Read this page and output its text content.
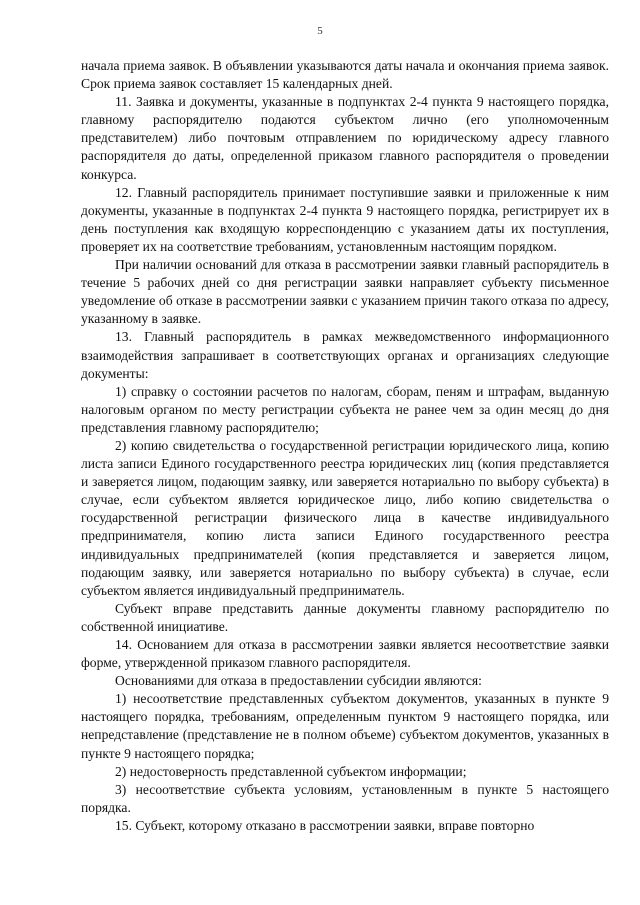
5

начала приема заявок. В объявлении указываются даты начала и окончания приема заявок. Срок приема заявок составляет 15 календарных дней.

11. Заявка и документы, указанные в подпунктах 2-4 пункта 9 настоящего порядка, главному распорядителю подаются субъектом лично (его уполномоченным представителем) либо почтовым отправлением по юридическому адресу главного распорядителя до даты, определенной приказом главного распорядителя о проведении конкурса.

12. Главный распорядитель принимает поступившие заявки и приложенные к ним документы, указанные в подпунктах 2-4 пункта 9 настоящего порядка, регистрирует их в день поступления как входящую корреспонденцию с указанием даты их поступления, проверяет их на соответствие требованиям, установленным настоящим порядком.

При наличии оснований для отказа в рассмотрении заявки главный распорядитель в течение 5 рабочих дней со дня регистрации заявки направляет субъекту письменное уведомление об отказе в рассмотрении заявки с указанием причин такого отказа по адресу, указанному в заявке.

13. Главный распорядитель в рамках межведомственного информационного взаимодействия запрашивает в соответствующих органах и организациях следующие документы:

1) справку о состоянии расчетов по налогам, сборам, пеням и штрафам, выданную налоговым органом по месту регистрации субъекта не ранее чем за один месяц до дня представления главному распорядителю;

2) копию свидетельства о государственной регистрации юридического лица, копию листа записи Единого государственного реестра юридических лиц (копия представляется и заверяется лицом, подающим заявку, или заверяется нотариально по выбору субъекта) в случае, если субъектом является юридическое лицо, либо копию свидетельства о государственной регистрации физического лица в качестве индивидуального предпринимателя, копию листа записи Единого государственного реестра индивидуальных предпринимателей (копия представляется и заверяется лицом, подающим заявку, или заверяется нотариально по выбору субъекта) в случае, если субъектом является индивидуальный предприниматель.

Субъект вправе представить данные документы главному распорядителю по собственной инициативе.

14. Основанием для отказа в рассмотрении заявки является несоответствие заявки форме, утвержденной приказом главного распорядителя.

Основаниями для отказа в предоставлении субсидии являются:

1) несоответствие представленных субъектом документов, указанных в пункте 9 настоящего порядка, требованиям, определенным пунктом 9 настоящего порядка, или непредставление (представление не в полном объеме) субъектом документов, указанных в пункте 9 настоящего порядка;

2) недостоверность представленной субъектом информации;

3) несоответствие субъекта условиям, установленным в пункте 5 настоящего порядка.

15. Субъект, которому отказано в рассмотрении заявки, вправе повторно
